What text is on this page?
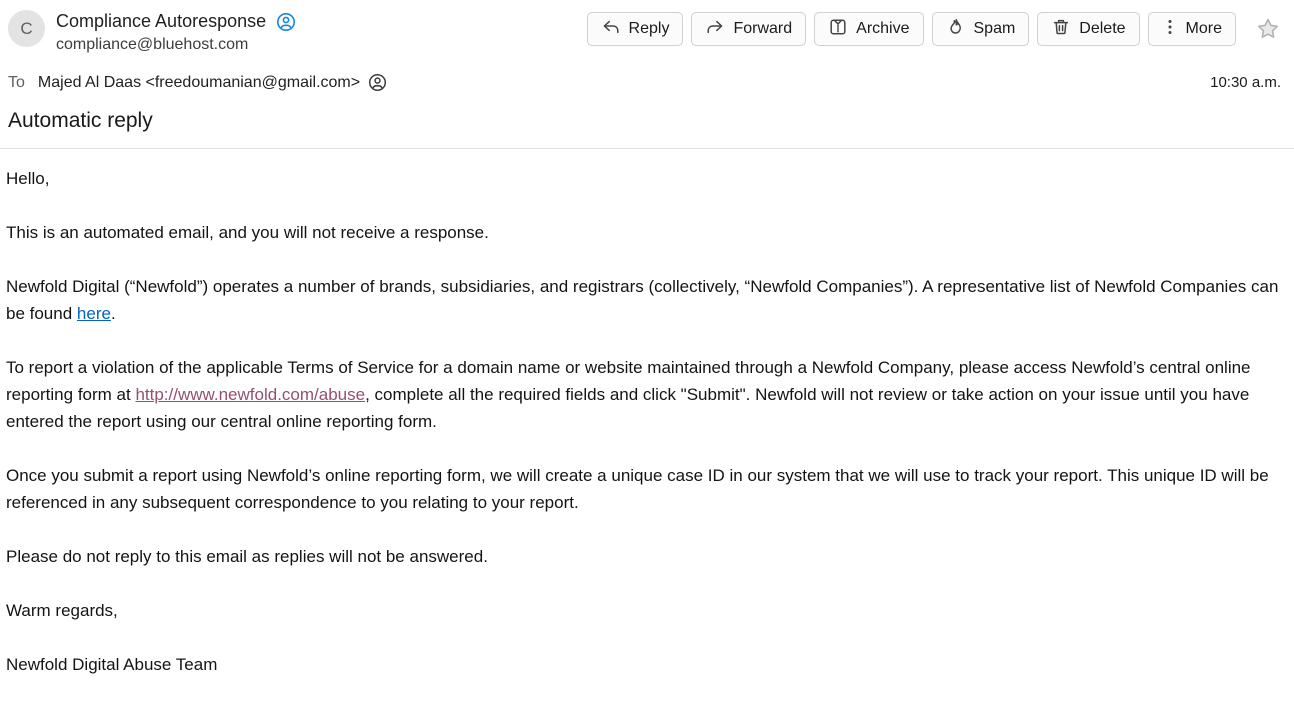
C	Compliance Autoresponse
compliance@bluehost.com
Reply	Forward	Archive	Spam	Delete	More
To Majed Al Daas <freedoumanian@gmail.com>	10:30 a.m.
Automatic reply

Hello,

This is an automated email, and you will not receive a response.

Newfold Digital (“Newfold”) operates a number of brands, subsidiaries, and registrars (collectively, “Newfold Companies”). A representative list of Newfold Companies can be found here.

To report a violation of the applicable Terms of Service for a domain name or website maintained through a Newfold Company, please access Newfold’s central online reporting form at http://www.newfold.com/abuse, complete all the required fields and click "Submit". Newfold will not review or take action on your issue until you have entered the report using our central online reporting form.

Once you submit a report using Newfold’s online reporting form, we will create a unique case ID in our system that we will use to track your report. This unique ID will be referenced in any subsequent correspondence to you relating to your report.

Please do not reply to this email as replies will not be answered.

Warm regards,

Newfold Digital Abuse Team
